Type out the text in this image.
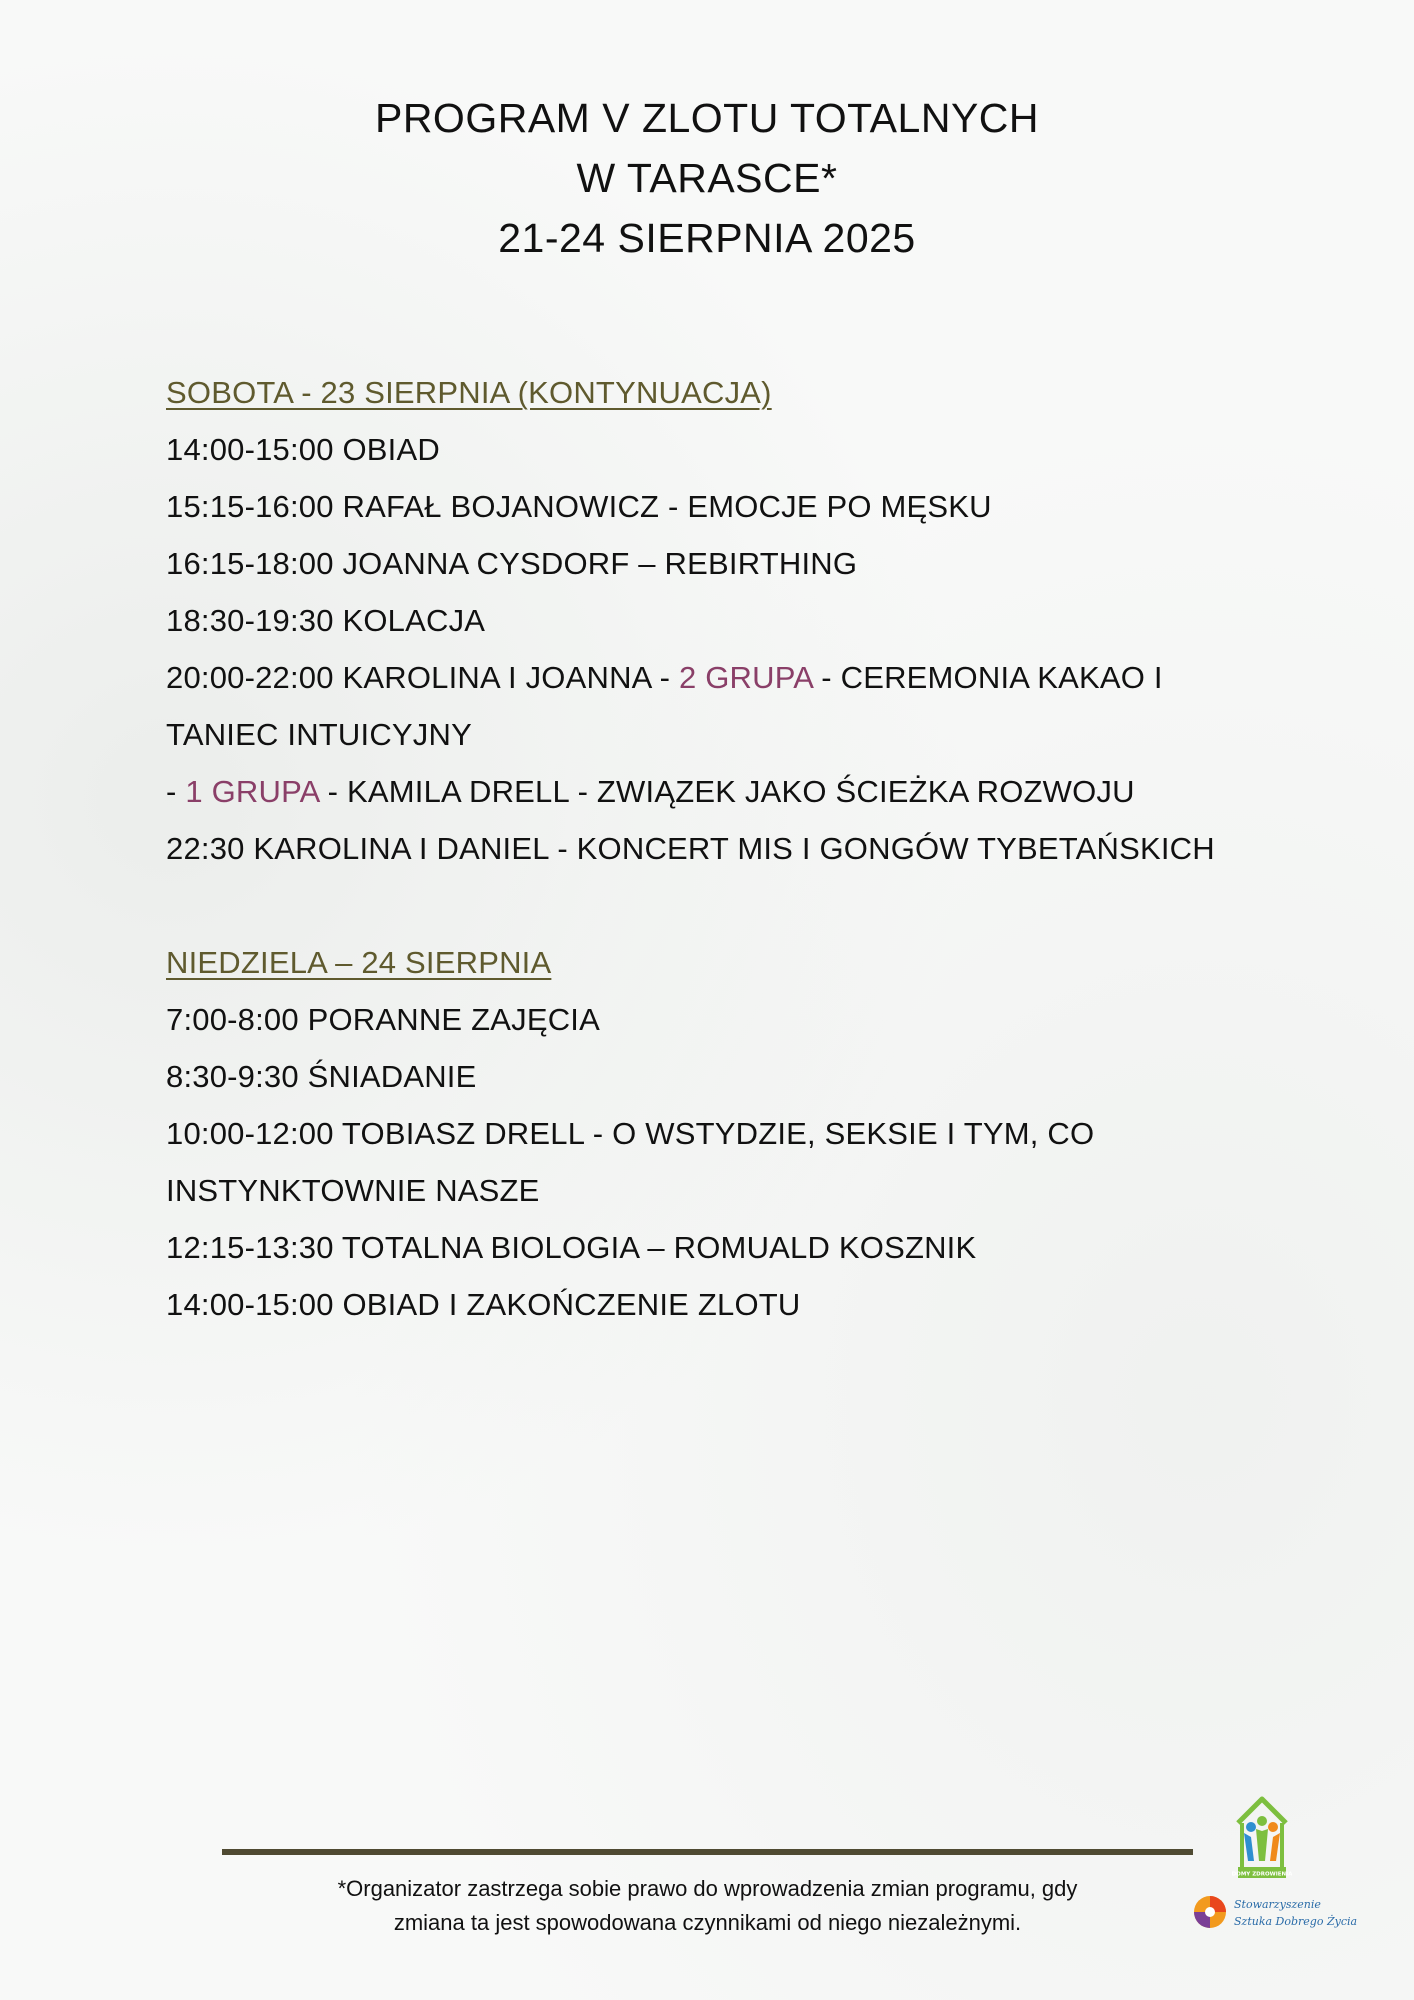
PROGRAM V ZLOTU TOTALNYCH
W TARASCE*
21-24 SIERPNIA 2025
SOBOTA - 23 SIERPNIA (KONTYNUACJA)
14:00-15:00 OBIAD
15:15-16:00 RAFAŁ BOJANOWICZ - EMOCJE PO MĘSKU
16:15-18:00 JOANNA CYSDORF – REBIRTHING
18:30-19:30 KOLACJA
20:00-22:00 KAROLINA I JOANNA - 2 GRUPA - CEREMONIA KAKAO I
TANIEC INTUICYJNY
- 1 GRUPA - KAMILA DRELL - ZWIĄZEK JAKO ŚCIEŻKA ROZWOJU
22:30 KAROLINA I DANIEL - KONCERT MIS I GONGÓW TYBETAŃSKICH
NIEDZIELA – 24 SIERPNIA
7:00-8:00 PORANNE ZAJĘCIA
8:30-9:30 ŚNIADANIE
10:00-12:00 TOBIASZ DRELL - O WSTYDZIE, SEKSIE I TYM, CO
INSTYNKTOWNIE NASZE
12:15-13:30 TOTALNA BIOLOGIA – ROMUALD KOSZNIK
14:00-15:00 OBIAD I ZAKOŃCZENIE ZLOTU
*Organizator zastrzega sobie prawo do wprowadzenia zmian programu, gdy
zmiana ta jest spowodowana czynnikami od niego niezależnymi.
DOMY ZDROWIENIA
Stowarzyszenie
Sztuka Dobrego Życia
